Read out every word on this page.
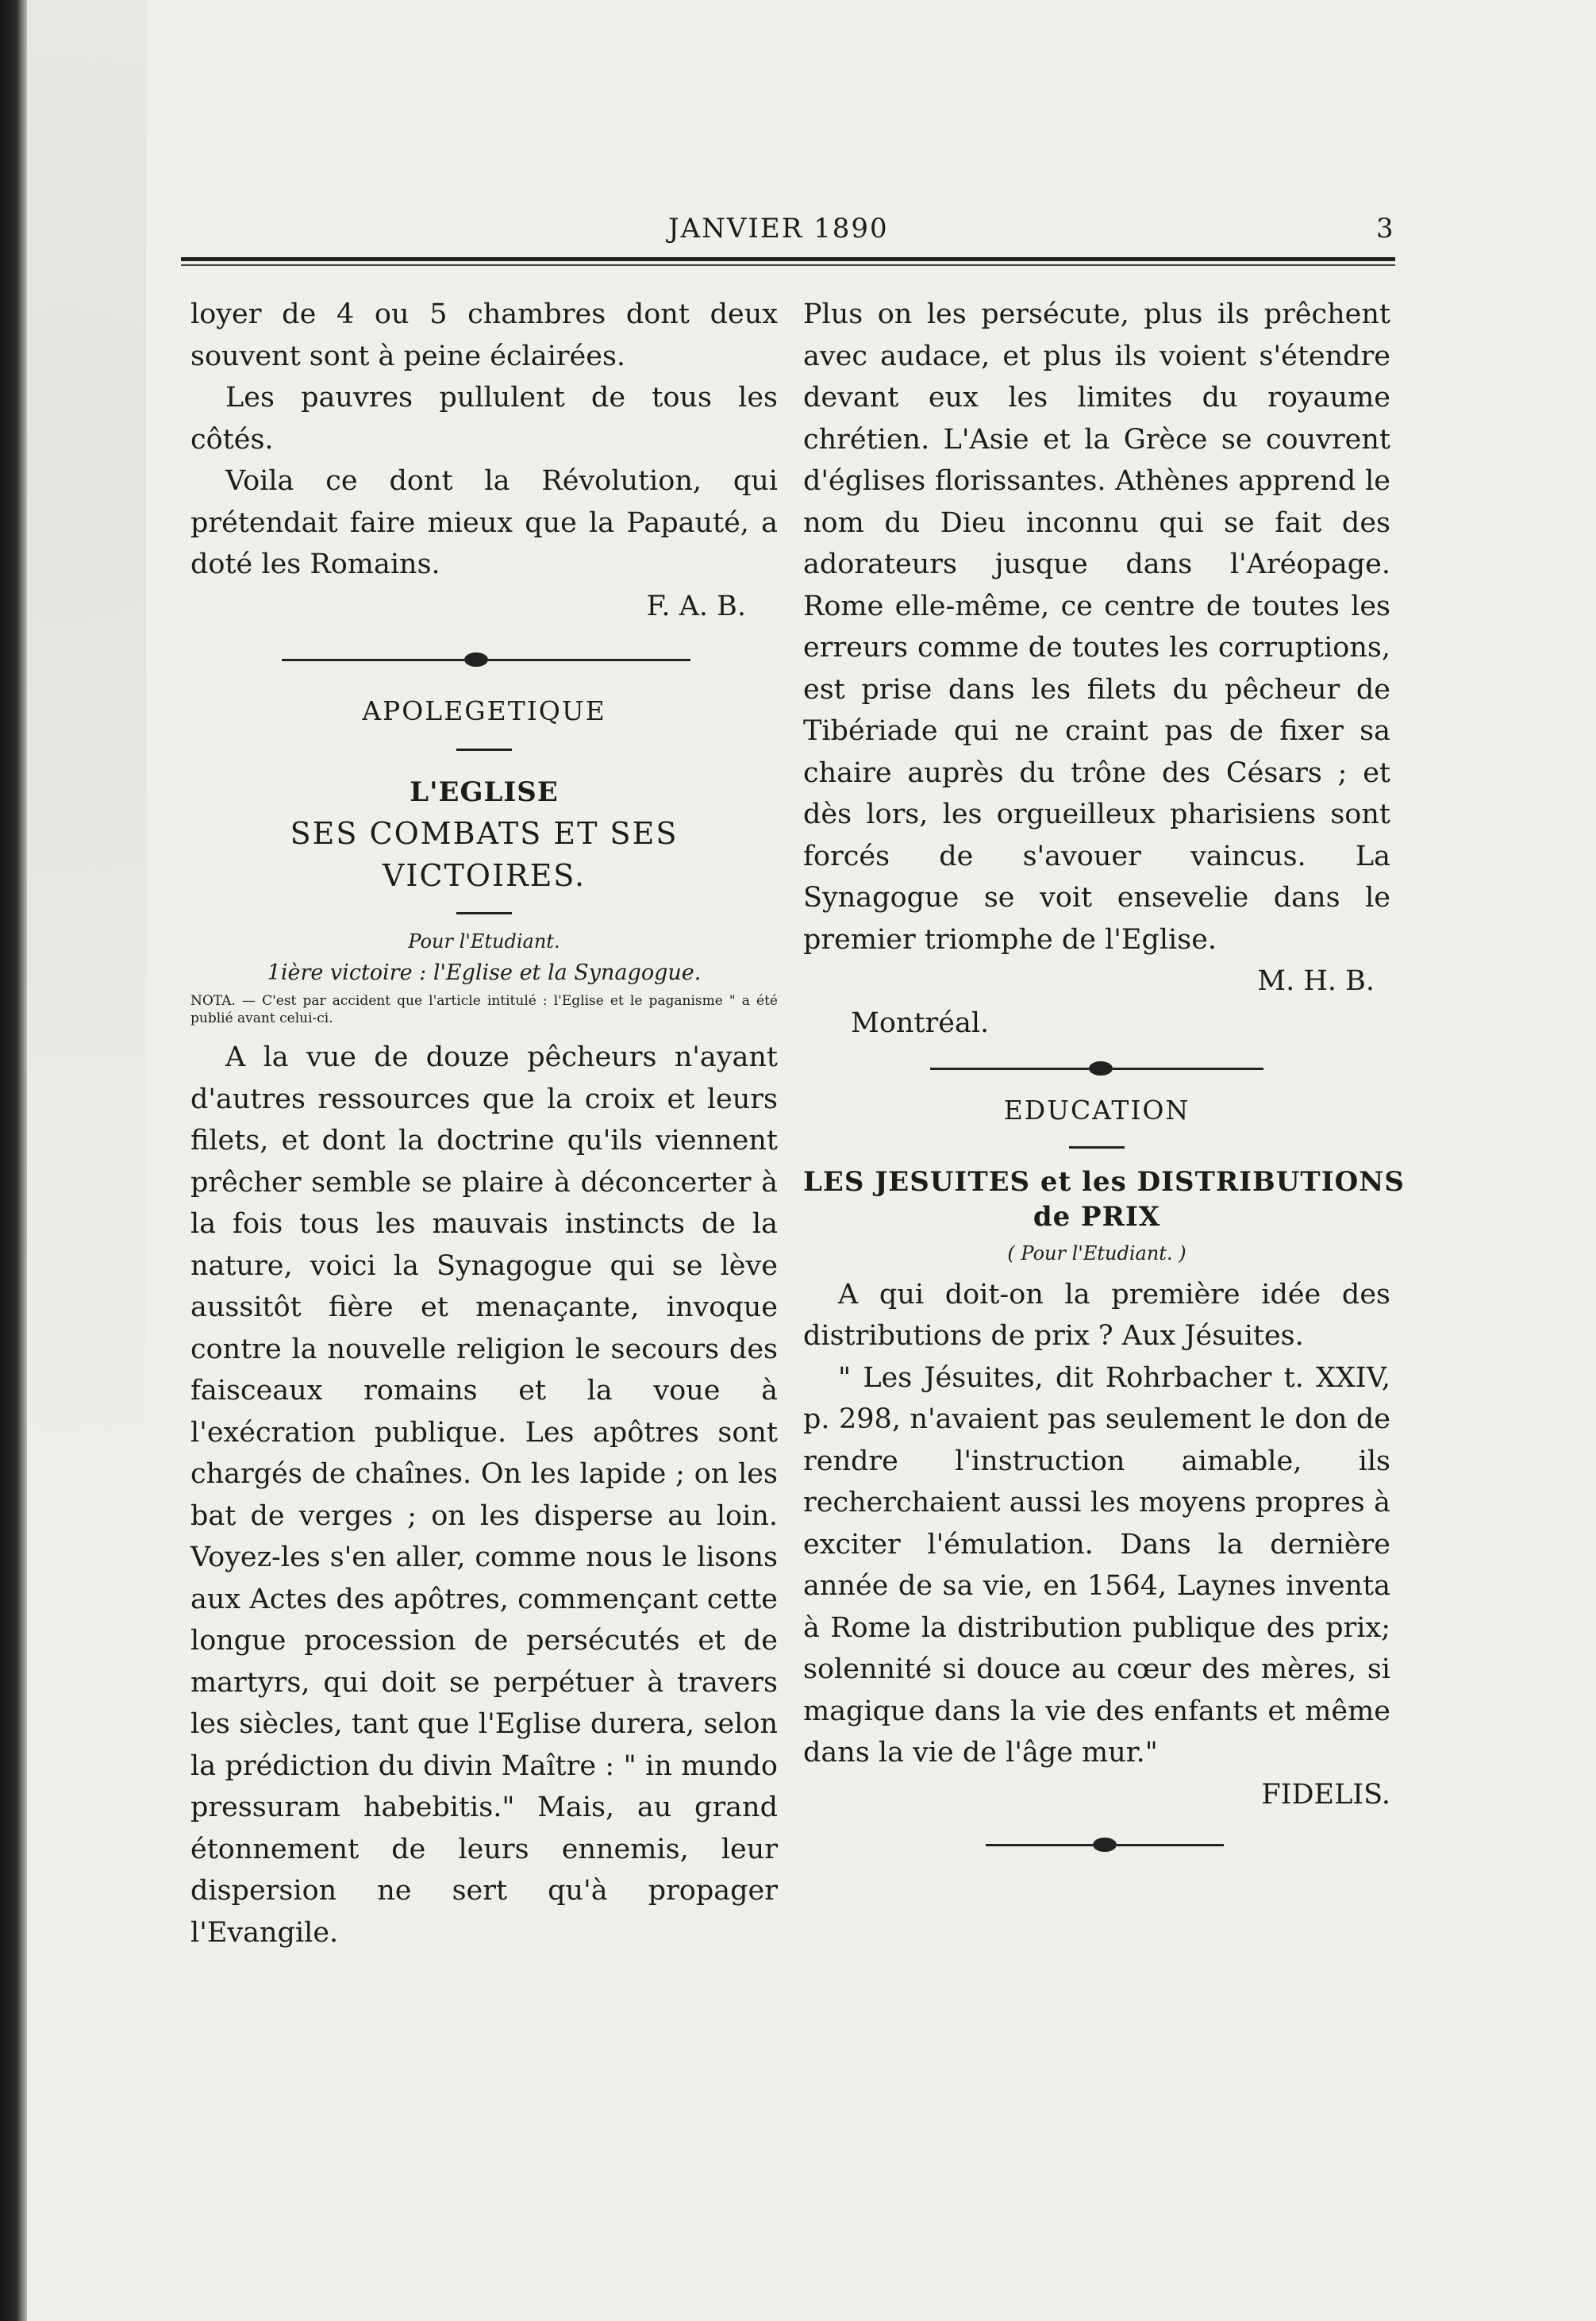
JANVIER 1890	3

loyer de 4 ou 5 chambres dont deux souvent sont à peine éclairées.

Les pauvres pullulent de tous les côtés.

Voila ce dont la Révolution, qui prétendait faire mieux que la Papauté, a doté les Romains.

F. A. B.

APOLEGETIQUE

L'EGLISE

SES COMBATS ET SES VICTOIRES.

Pour l'Etudiant.

1ière victoire : l'Eglise et la Synagogue.

NOTA. — C'est par accident que l'article intitulé : l'Eglise et le paganisme " a été publié avant celui-ci.

A la vue de douze pêcheurs n'ayant d'autres ressources que la croix et leurs filets, et dont la doctrine qu'ils viennent prêcher semble se plaire à déconcerter à la fois tous les mauvais instincts de la nature, voici la Synagogue qui se lève aussitôt fière et menaçante, invoque contre la nouvelle religion le secours des faisceaux romains et la voue à l'exécration publique. Les apôtres sont chargés de chaînes. On les lapide ; on les bat de verges ; on les disperse au loin. Voyez-les s'en aller, comme nous le lisons aux Actes des apôtres, commençant cette longue procession de persécutés et de martyrs, qui doit se perpétuer à travers les siècles, tant que l'Eglise durera, selon la prédiction du divin Maître : " in mundo pressuram habebitis." Mais, au grand étonnement de leurs ennemis, leur dispersion ne sert qu'à propager l'Evangile.

Plus on les persécute, plus ils prêchent avec audace, et plus ils voient s'étendre devant eux les limites du royaume chrétien. L'Asie et la Grèce se couvrent d'églises florissantes. Athènes apprend le nom du Dieu inconnu qui se fait des adorateurs jusque dans l'Aréopage. Rome elle-même, ce centre de toutes les erreurs comme de toutes les corruptions, est prise dans les filets du pêcheur de Tibériade qui ne craint pas de fixer sa chaire auprès du trône des Césars ; et dès lors, les orgueilleux pharisiens sont forcés de s'avouer vaincus. La Synagogue se voit ensevelie dans le premier triomphe de l'Eglise.

M. H. B.

Montréal.

EDUCATION

LES JESUITES et les DISTRIBUTIONS

de PRIX

( Pour l'Etudiant. )

A qui doit-on la première idée des distributions de prix ? Aux Jésuites.

" Les Jésuites, dit Rohrbacher t. XXIV, p. 298, n'avaient pas seulement le don de rendre l'instruction aimable, ils recherchaient aussi les moyens propres à exciter l'émulation. Dans la dernière année de sa vie, en 1564, Laynes inventa à Rome la distribution publique des prix; solennité si douce au cœur des mères, si magique dans la vie des enfants et même dans la vie de l'âge mur."

FIDELIS.
